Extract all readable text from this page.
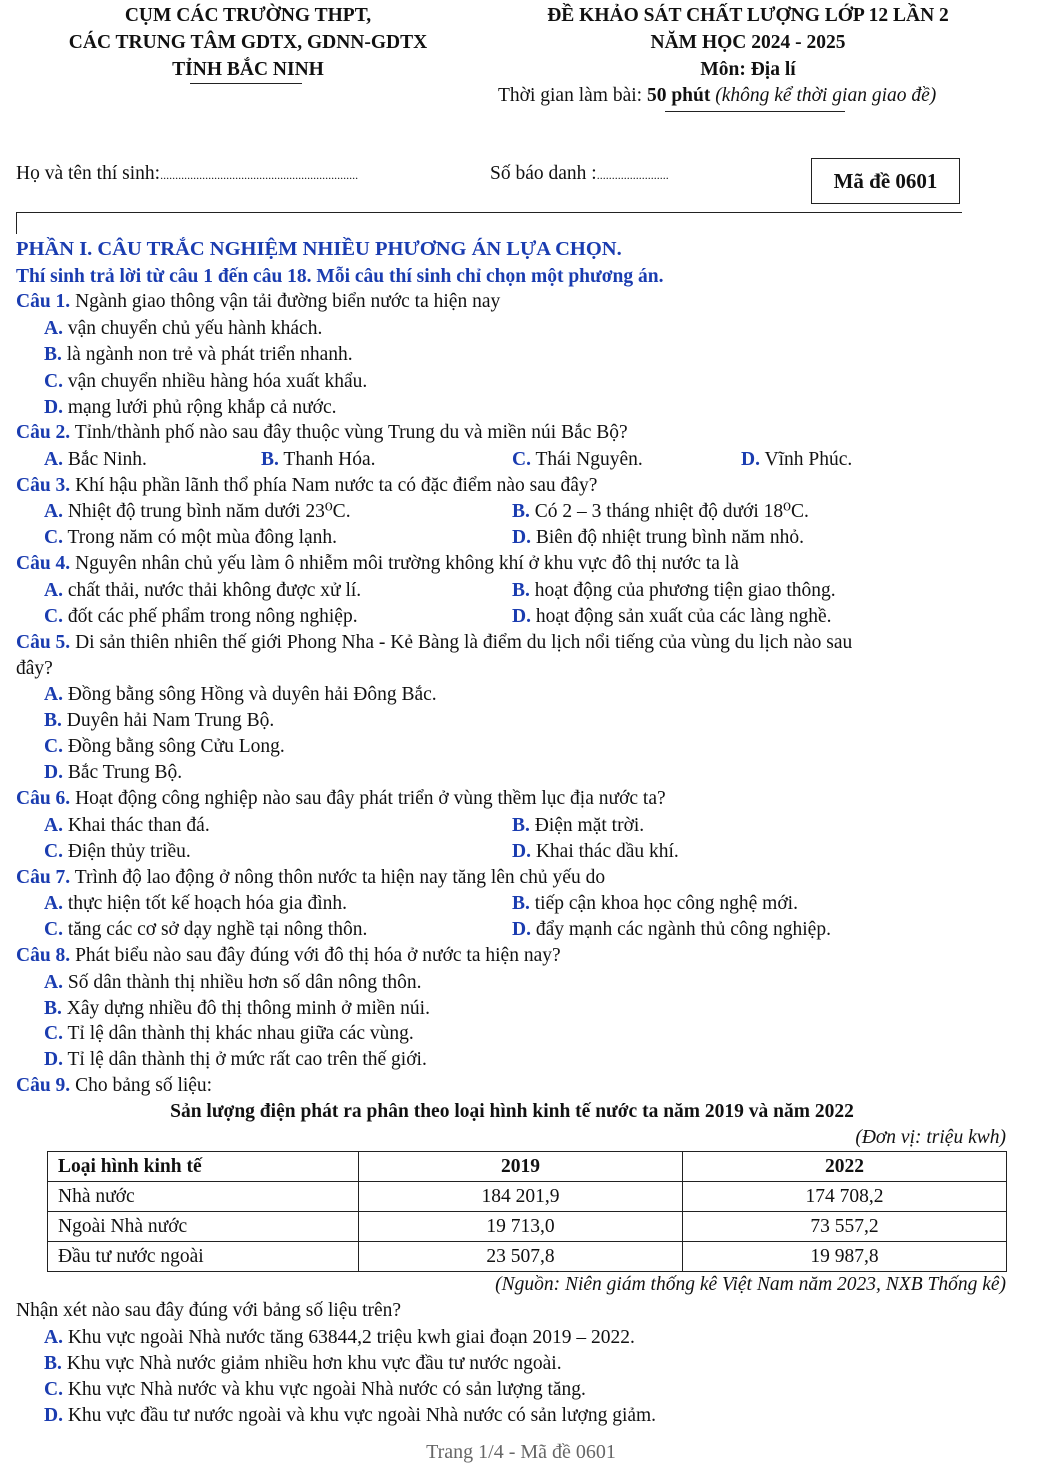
CỤM CÁC TRƯỜNG THPT,
CÁC TRUNG TÂM GDTX, GDNN-GDTX
TỈNH BẮC NINH
ĐỀ KHẢO SÁT CHẤT LƯỢNG LỚP 12 LẦN 2
NĂM HỌC 2024 - 2025
Môn: Địa lí
Thời gian làm bài: 50 phút (không kể thời gian giao đề)
Họ và tên thí sinh:..................................................................	Số báo danh :........................	Mã đề 0601
PHẦN I. CÂU TRẮC NGHIỆM NHIỀU PHƯƠNG ÁN LỰA CHỌN.
Thí sinh trả lời từ câu 1 đến câu 18. Mỗi câu thí sinh chỉ chọn một phương án.
Câu 1. Ngành giao thông vận tải đường biển nước ta hiện nay
A. vận chuyển chủ yếu hành khách.
B. là ngành non trẻ và phát triển nhanh.
C. vận chuyển nhiều hàng hóa xuất khẩu.
D. mạng lưới phủ rộng khắp cả nước.
Câu 2. Tỉnh/thành phố nào sau đây thuộc vùng Trung du và miền núi Bắc Bộ?
A. Bắc Ninh.	B. Thanh Hóa.	C. Thái Nguyên.	D. Vĩnh Phúc.
Câu 3. Khí hậu phần lãnh thổ phía Nam nước ta có đặc điểm nào sau đây?
A. Nhiệt độ trung bình năm dưới 23⁰C.	B. Có 2 – 3 tháng nhiệt độ dưới 18⁰C.
C. Trong năm có một mùa đông lạnh.	D. Biên độ nhiệt trung bình năm nhỏ.
Câu 4. Nguyên nhân chủ yếu làm ô nhiễm môi trường không khí ở khu vực đô thị nước ta là
A. chất thải, nước thải không được xử lí.	B. hoạt động của phương tiện giao thông.
C. đốt các phế phẩm trong nông nghiệp.	D. hoạt động sản xuất của các làng nghề.
Câu 5. Di sản thiên nhiên thế giới Phong Nha - Kẻ Bàng là điểm du lịch nổi tiếng của vùng du lịch nào sau
đây?
A. Đồng bằng sông Hồng và duyên hải Đông Bắc.
B. Duyên hải Nam Trung Bộ.
C. Đồng bằng sông Cửu Long.
D. Bắc Trung Bộ.
Câu 6. Hoạt động công nghiệp nào sau đây phát triển ở vùng thềm lục địa nước ta?
A. Khai thác than đá.	B. Điện mặt trời.
C. Điện thủy triều.	D. Khai thác dầu khí.
Câu 7. Trình độ lao động ở nông thôn nước ta hiện nay tăng lên chủ yếu do
A. thực hiện tốt kế hoạch hóa gia đình.	B. tiếp cận khoa học công nghệ mới.
C. tăng các cơ sở dạy nghề tại nông thôn.	D. đẩy mạnh các ngành thủ công nghiệp.
Câu 8. Phát biểu nào sau đây đúng với đô thị hóa ở nước ta hiện nay?
A. Số dân thành thị nhiều hơn số dân nông thôn.
B. Xây dựng nhiều đô thị thông minh ở miền núi.
C. Tỉ lệ dân thành thị khác nhau giữa các vùng.
D. Tỉ lệ dân thành thị ở mức rất cao trên thế giới.
Câu 9. Cho bảng số liệu:
Sản lượng điện phát ra phân theo loại hình kinh tế nước ta năm 2019 và năm 2022
(Đơn vị: triệu kwh)
Loại hình kinh tế	2019	2022
Nhà nước	184 201,9	174 708,2
Ngoài Nhà nước	19 713,0	73 557,2
Đầu tư nước ngoài	23 507,8	19 987,8
(Nguồn: Niên giám thống kê Việt Nam năm 2023, NXB Thống kê)
Nhận xét nào sau đây đúng với bảng số liệu trên?
A. Khu vực ngoài Nhà nước tăng 63844,2 triệu kwh giai đoạn 2019 – 2022.
B. Khu vực Nhà nước giảm nhiều hơn khu vực đầu tư nước ngoài.
C. Khu vực Nhà nước và khu vực ngoài Nhà nước có sản lượng tăng.
D. Khu vực đầu tư nước ngoài và khu vực ngoài Nhà nước có sản lượng giảm.
Trang 1/4 - Mã đề 0601
